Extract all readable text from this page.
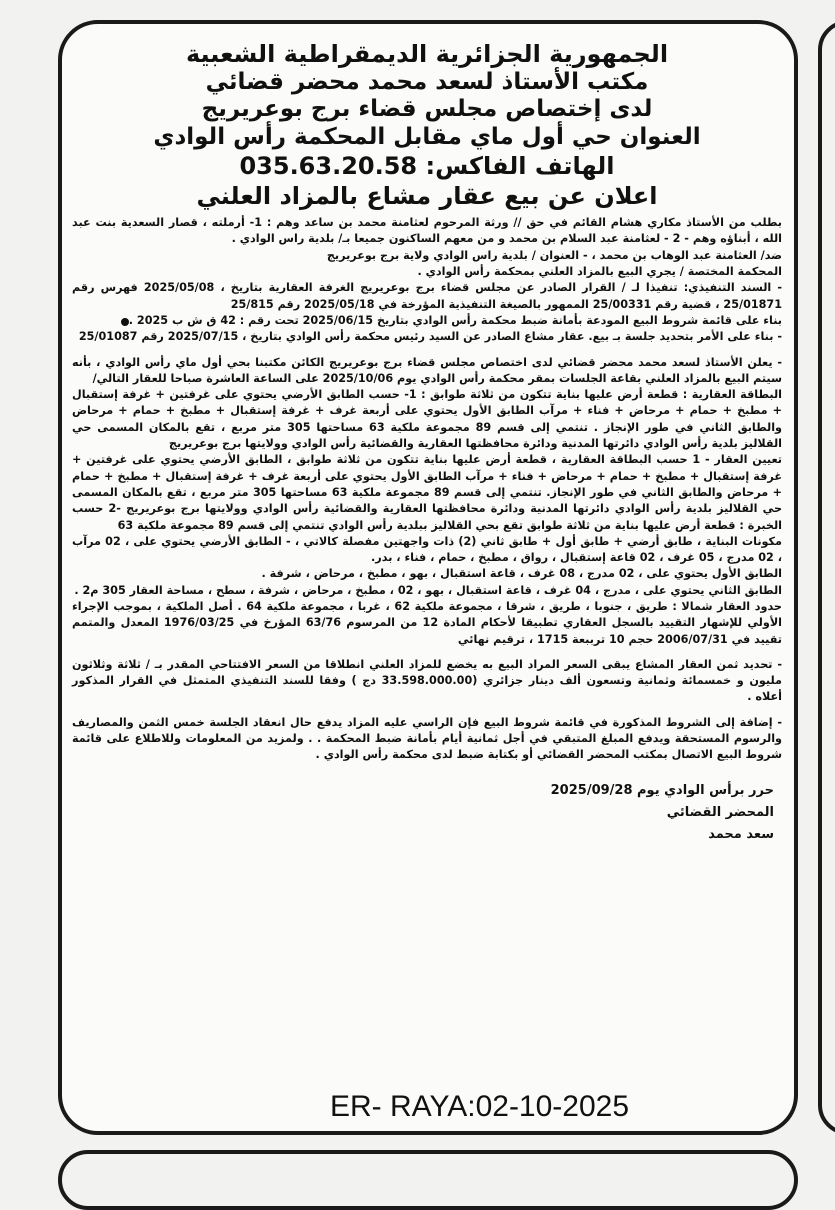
الجمهورية الجزائرية الديمقراطية الشعبية
مكتب الأستاذ لسعد محمد محضر قضائي
لدى إختصاص مجلس قضاء برج بوعريريج
العنوان حي أول ماي مقابل المحكمة رأس الوادي
الهاتف الفاكس: 035.63.20.58
اعلان عن بيع عقار مشاع بالمزاد العلني

بطلب من الأستاذ مكاري هشام القائم في حق // ورثة المرحوم لعثامنة محمد بن ساعد وهم : 1- أرملته ، قصار السعدية بنت عبد الله ، أبناؤه وهم - 2 - لعثامنة عبد السلام بن محمد و من معهم الساكنون جميعا بـ/ بلدية راس الوادي .

ضد/ العثامنة عبد الوهاب بن محمد ، - العنوان / بلدية راس الوادي ولاية برج بوعريريج

المحكمة المختصة / يجري البيع بالمزاد العلني بمحكمة رأس الوادي .

- السند التنفيذي: تنفيذا لـ / القرار الصادر عن مجلس قضاء برج بوعريريج الغرفة العقارية بتاريخ ، 2025/05/08 فهرس رقم 25/01871 ، قضية رقم 25/00331 الممهور بالصيغة التنفيذية المؤرخة في 2025/05/18 رقم 25/815

بناء على قائمة شروط البيع المودعة بأمانة ضبط محكمة رأس الوادي بتاريخ 2025/06/15 تحت رقم : 42 ق ش ب 2025 .

- بناء على الأمر بتحديد جلسة بـ بيع. عقار مشاع الصادر عن السيد رئيس محكمة رأس الوادي بتاريخ ، 2025/07/15 رقم 25/01087

- يعلن الأستاذ لسعد محمد محضر قضائي لدى اختصاص مجلس قضاء برج بوعريريج الكائن مكتبنا بحي أول ماي رأس الوادي ، بأنه سيتم البيع بالمزاد العلني بقاعة الجلسات بمقر محكمة رأس الوادي يوم 2025/10/06 على الساعة العاشرة صباحا للعقار التالي/

البطاقة العقارية : قطعة أرض عليها بناية تتكون من ثلاثة طوابق : 1- حسب الطابق الأرضي يحتوي على غرفتين + غرفة إستقبال + مطبخ + حمام + مرحاض + فناء + مرآب الطابق الأول يحتوي على أربعة غرف + غرفة إستقبال + مطبخ + حمام + مرحاض والطابق الثاني في طور الإنجاز . تنتمي إلى قسم 89 مجموعة ملكية 63 مساحتها 305 متر مربع ، تقع بالمكان المسمى حي القلاليز بلدية رأس الوادي دائرتها المدنية ودائرة محافظتها العقارية والقضائية رأس الوادي وولايتها برج بوعريريج

تعيين العقار - 1 حسب البطاقة العقارية ، قطعة أرض عليها بناية تتكون من ثلاثة طوابق ، الطابق الأرضي يحتوي على غرفتين + غرفة إستقبال + مطبخ + حمام + مرحاض + فناء + مرآب الطابق الأول يحتوي على أربعة غرف + غرفة إستقبال + مطبخ + حمام + مرحاض والطابق الثاني في طور الإنجاز. تنتمي إلى قسم 89 مجموعة ملكية 63 مساحتها 305 متر مربع ، تقع بالمكان المسمى حي القلاليز بلدية رأس الوادي دائرتها المدنية ودائرة محافظتها العقارية والقضائية رأس الوادي وولايتها برج بوعريريج -2 حسب الخبرة : قطعة أرض عليها بناية من ثلاثة طوابق تقع بحي القلاليز ببلدية رأس الوادي تنتمي إلى قسم 89 مجموعة ملكية 63

مكونات البناية ، طابق أرضي + طابق أول + طابق ثاني (2) ذات واجهتين مفصلة كالاتي ، - الطابق الأرضي يحتوي على ، 02 مرآب ، 02 مدرج ، 05 غرف ، 02 قاعة إستقبال ، رواق ، مطبخ ، حمام ، فناء ، بدر.

الطابق الأول يحتوي على ، 02 مدرج ، 08 غرف ، قاعة استقبال ، بهو ، مطبخ ، مرحاض ، شرفة .

الطابق الثاني يحتوي على ، مدرج ، 04 غرف ، قاعة استقبال ، بهو ، 02 ، مطبخ ، مرحاض ، شرفة ، سطح ، مساحة العقار 305 م2 .

حدود العقار شمالا : طريق ، جنوبا ، طريق ، شرقا ، مجموعة ملكية 62 ، غربا ، مجموعة ملكية 64 . أصل الملكية ، بموجب الإجراء الأولي للإشهار التقييد بالسجل العقاري تطبيقا لأحكام المادة 12 من المرسوم 63/76 المؤرخ في 1976/03/25 المعدل والمتمم تقييد في 2006/07/31 حجم 10 ترببعة 1715 ، ترقيم نهائي

- تحديد ثمن العقار المشاع يبقى السعر المراد البيع به يخضع للمزاد العلني انطلاقا من السعر الافتتاحي المقدر بـ / ثلاثة وثلاثون مليون و خمسمائة وثمانية وتسعون ألف دينار جزائري (33.598.000.00 دج ) وفقا للسند التنفيذي المتمثل في القرار المذكور أعلاه .

- إضافة إلى الشروط المذكورة في قائمة شروط البيع فإن الراسي عليه المزاد يدفع حال انعقاد الجلسة خمس الثمن والمصاريف والرسوم المستحقة ويدفع المبلغ المتبقي في أجل ثمانية أيام بأمانة ضبط المحكمة . . ولمزيد من المعلومات وللاطلاع على قائمة شروط البيع الاتصال بمكتب المحضر القضائي أو بكتابة ضبط لدى محكمة رأس الوادي .

حرر برأس الوادي يوم 2025/09/28
المحضر القضائي
سعد محمد
ER- RAYA:02-10-2025
